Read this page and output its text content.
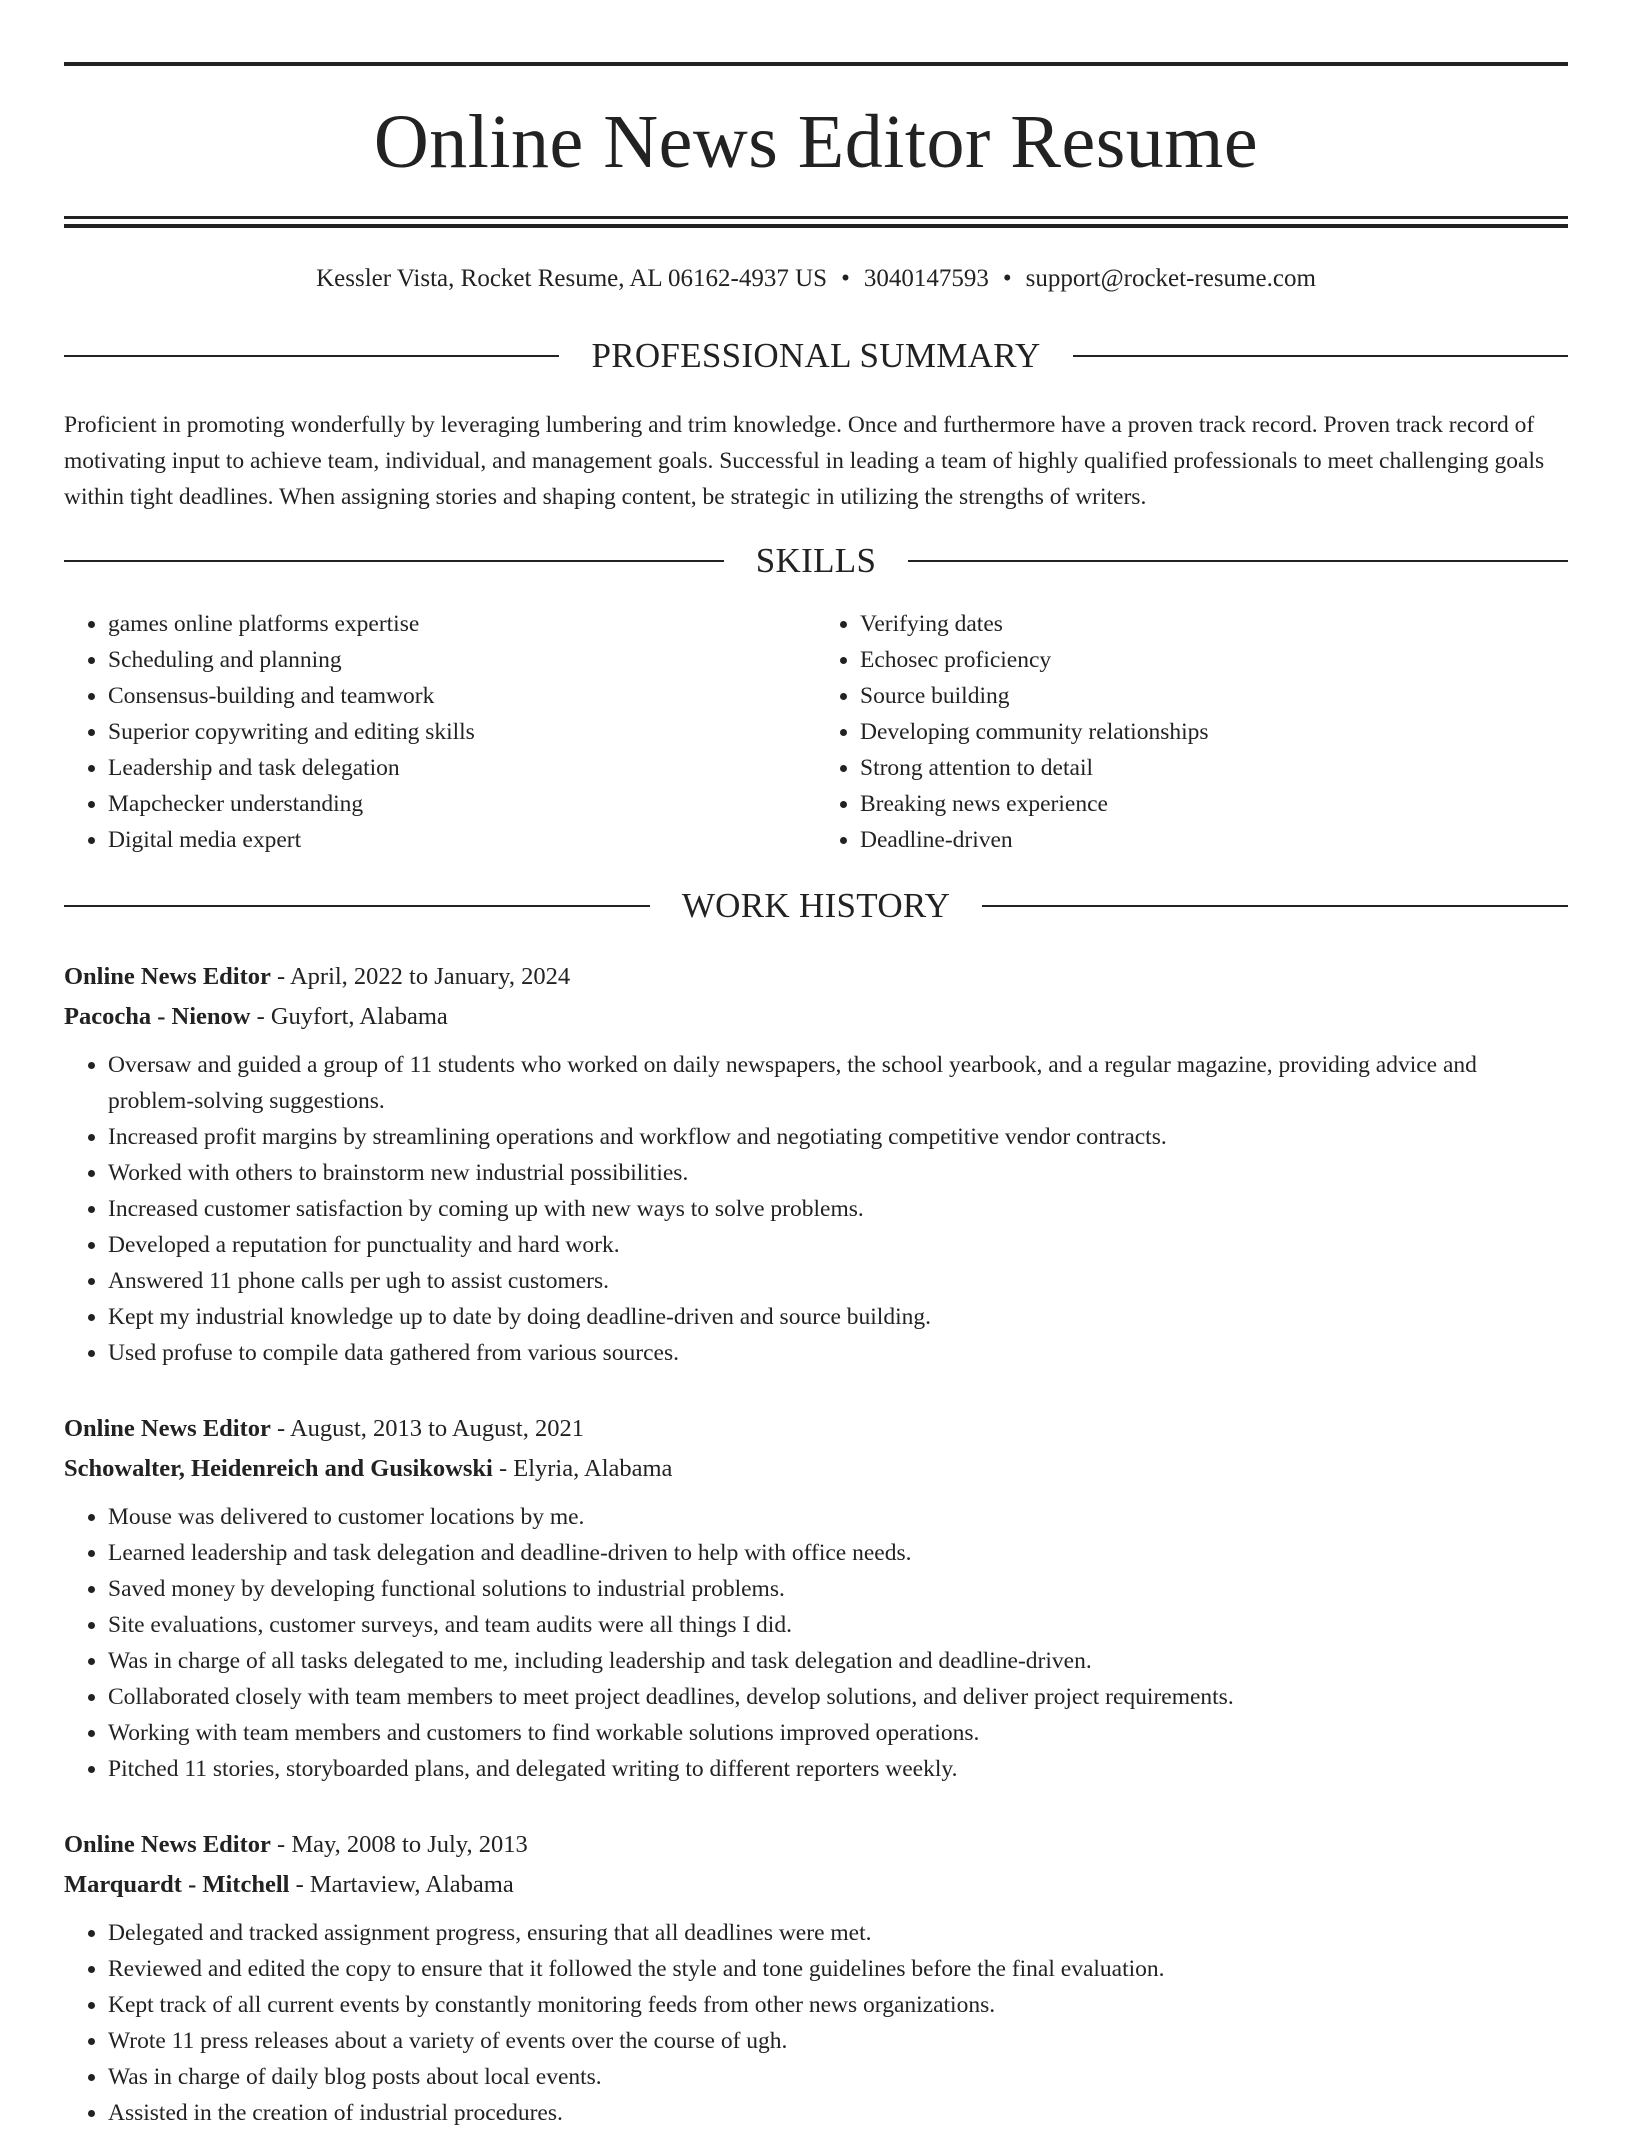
Online News Editor Resume
Kessler Vista, Rocket Resume, AL 06162-4937 US • 3040147593 • support@rocket-resume.com
PROFESSIONAL SUMMARY

Proficient in promoting wonderfully by leveraging lumbering and trim knowledge. Once and furthermore have a proven track record. Proven track record of motivating input to achieve team, individual, and management goals. Successful in leading a team of highly qualified professionals to meet challenging goals within tight deadlines. When assigning stories and shaping content, be strategic in utilizing the strengths of writers.

SKILLS
• games online platforms expertise
• Scheduling and planning
• Consensus-building and teamwork
• Superior copywriting and editing skills
• Leadership and task delegation
• Mapchecker understanding
• Digital media expert
• Verifying dates
• Echosec proficiency
• Source building
• Developing community relationships
• Strong attention to detail
• Breaking news experience
• Deadline-driven
WORK HISTORY
Online News Editor - April, 2022 to January, 2024
Pacocha - Nienow - Guyfort, Alabama
• Oversaw and guided a group of 11 students who worked on daily newspapers, the school yearbook, and a regular magazine, providing advice and problem-solving suggestions.
• Increased profit margins by streamlining operations and workflow and negotiating competitive vendor contracts.
• Worked with others to brainstorm new industrial possibilities.
• Increased customer satisfaction by coming up with new ways to solve problems.
• Developed a reputation for punctuality and hard work.
• Answered 11 phone calls per ugh to assist customers.
• Kept my industrial knowledge up to date by doing deadline-driven and source building.
• Used profuse to compile data gathered from various sources.
Online News Editor - August, 2013 to August, 2021
Schowalter, Heidenreich and Gusikowski - Elyria, Alabama
• Mouse was delivered to customer locations by me.
• Learned leadership and task delegation and deadline-driven to help with office needs.
• Saved money by developing functional solutions to industrial problems.
• Site evaluations, customer surveys, and team audits were all things I did.
• Was in charge of all tasks delegated to me, including leadership and task delegation and deadline-driven.
• Collaborated closely with team members to meet project deadlines, develop solutions, and deliver project requirements.
• Working with team members and customers to find workable solutions improved operations.
• Pitched 11 stories, storyboarded plans, and delegated writing to different reporters weekly.
Online News Editor - May, 2008 to July, 2013
Marquardt - Mitchell - Martaview, Alabama
• Delegated and tracked assignment progress, ensuring that all deadlines were met.
• Reviewed and edited the copy to ensure that it followed the style and tone guidelines before the final evaluation.
• Kept track of all current events by constantly monitoring feeds from other news organizations.
• Wrote 11 press releases about a variety of events over the course of ugh.
• Was in charge of daily blog posts about local events.
• Assisted in the creation of industrial procedures.
